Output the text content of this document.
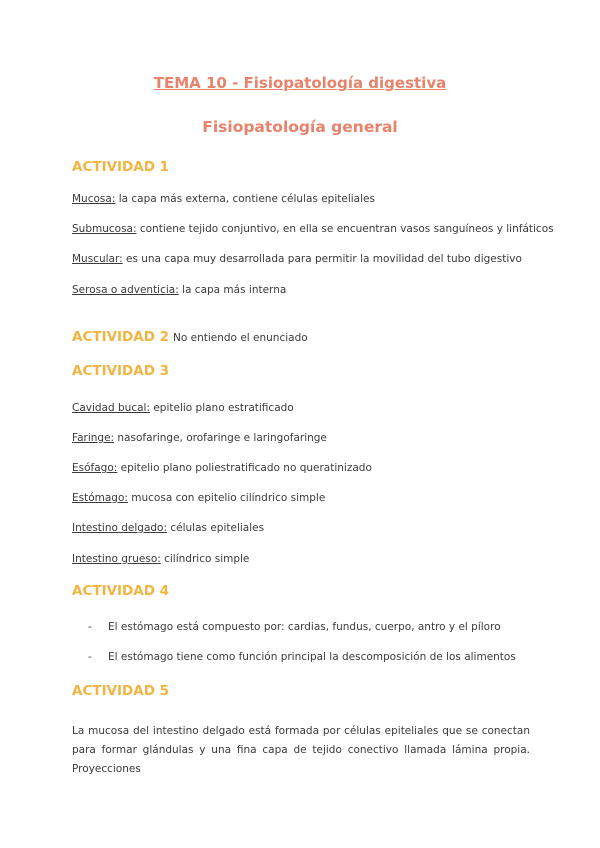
TEMA 10 - Fisiopatología digestiva
Fisiopatología general
ACTIVIDAD 1
Mucosa: la capa más externa, contiene células epiteliales
Submucosa: contiene tejido conjuntivo, en ella se encuentran vasos sanguíneos y linfáticos
Muscular: es una capa muy desarrollada para permitir la movilidad del tubo digestivo
Serosa o adventicia: la capa más interna
ACTIVIDAD 2 No entiendo el enunciado
ACTIVIDAD 3
Cavidad bucal: epitelio plano estratificado
Faringe: nasofaringe, orofaringe e laringofaringe
Esófago: epitelio plano poliestratificado no queratinizado
Estómago: mucosa con epitelio cilíndrico simple
Intestino delgado: células epiteliales
Intestino grueso: cilíndrico simple
ACTIVIDAD 4
- El estómago está compuesto por: cardias, fundus, cuerpo, antro y el píloro
- El estómago tiene como función principal la descomposición de los alimentos
ACTIVIDAD 5
La mucosa del intestino delgado está formada por células epiteliales que se conectan para formar glándulas y una fina capa de tejido conectivo llamada lámina propia. Proyecciones
